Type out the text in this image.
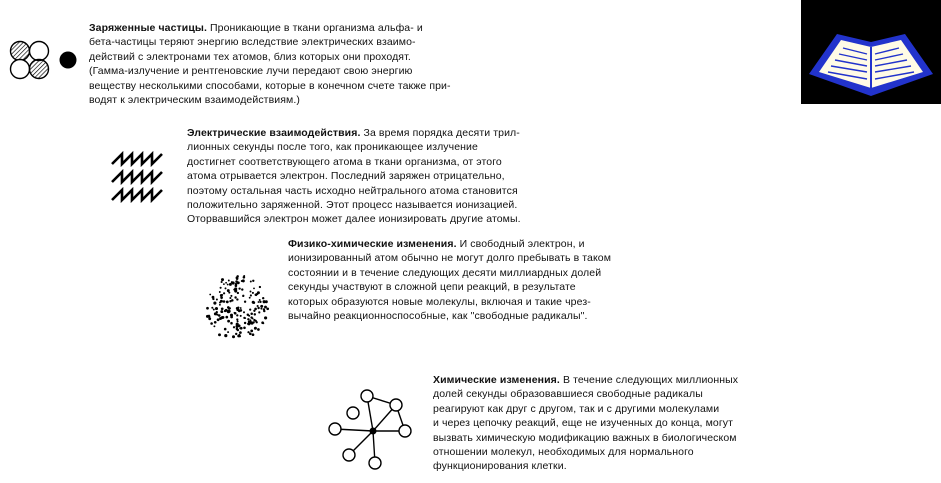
Заряженные частицы. Проникающие в ткани организма альфа- и
бета-частицы теряют энергию вследствие электрических взаимо-
действий с электронами тех атомов, близ которых они проходят.
(Гамма-излучение и рентгеновские лучи передают свою энергию
веществу несколькими способами, которые в конечном счете также при-
водят к электрическим взаимодействиям.)
Электрические взаимодействия. За время порядка десяти трил-
лионных секунды после того, как проникающее излучение
достигнет соответствующего атома в ткани организма, от этого
атома отрывается электрон. Последний заряжен отрицательно,
поэтому остальная часть исходно нейтрального атома становится
положительно заряженной. Этот процесс называется ионизацией.
Оторвавшийся электрон может далее ионизировать другие атомы.
Физико-химические изменения. И свободный электрон, и
ионизированный атом обычно не могут долго пребывать в таком
состоянии и в течение следующих десяти миллиардных долей
секунды участвуют в сложной цепи реакций, в результате
которых образуются новые молекулы, включая и такие чрез-
вычайно реакционноспособные, как "свободные радикалы".
Химические изменения. В течение следующих миллионных
долей секунды образовавшиеся свободные радикалы
реагируют как друг с другом, так и с другими молекулами
и через цепочку реакций, еще не изученных до конца, могут
вызвать химическую модификацию важных в биологическом
отношении молекул, необходимых для нормального
функционирования клетки.
